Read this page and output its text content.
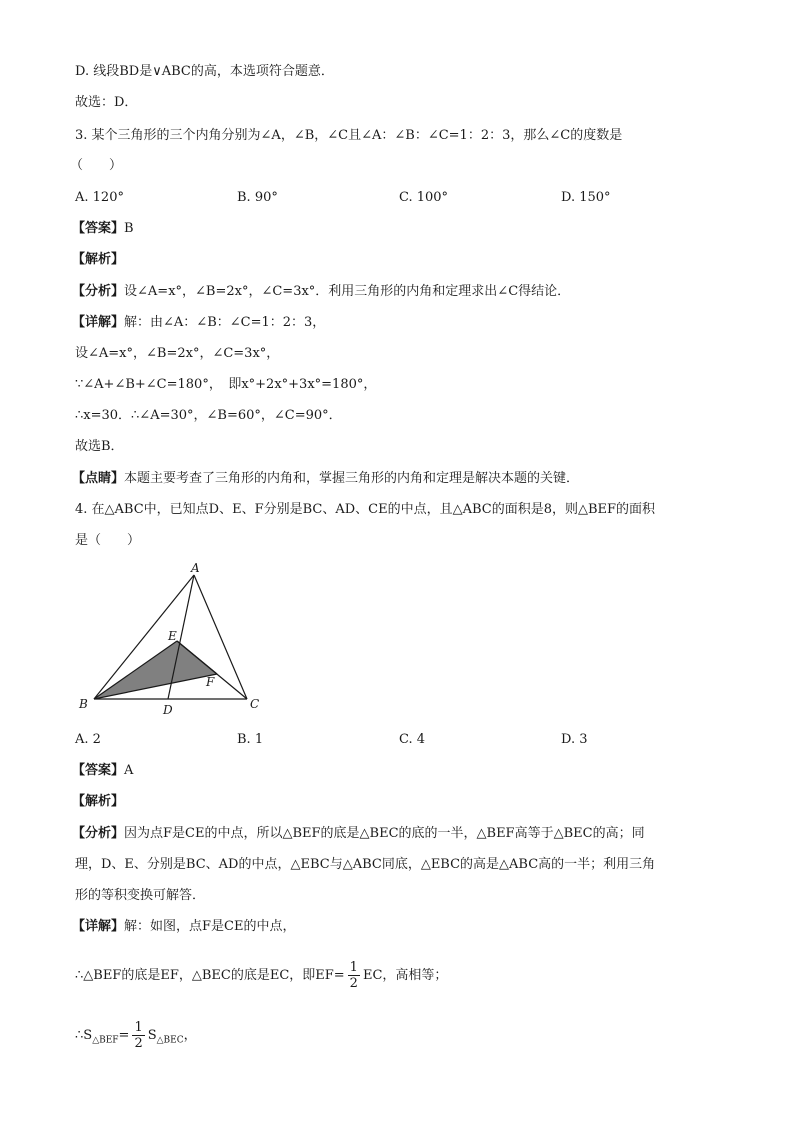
D. 线段BD是∨ABC的高，本选项符合题意．
故选：D．
3. 某个三角形的三个内角分别为∠A，∠B，∠C且∠A：∠B：∠C=1：2：3，那么∠C的度数是
（　　）
A. 120°	B. 90°	C. 100°	D. 150°
【答案】B
【解析】
【分析】设∠A=x°，∠B=2x°，∠C=3x°．利用三角形的内角和定理求出∠C得结论．
【详解】解：由∠A：∠B：∠C=1：2：3，
设∠A=x°，∠B=2x°，∠C=3x°，
∵∠A+∠B+∠C=180°，　即x°+2x°+3x°=180°，
∴x=30．∴∠A=30°，∠B=60°，∠C=90°．
故选B．
【点睛】本题主要考查了三角形的内角和，掌握三角形的内角和定理是解决本题的关键．
4. 在△ABC中，已知点D、E、F分别是BC、AD、CE的中点，且△ABC的面积是8，则△BEF的面积
是（　　）
A
B	C
D
E
F
A. 2	B. 1	C. 4	D. 3
【答案】A
【解析】
【分析】因为点F是CE的中点，所以△BEF的底是△BEC的底的一半，△BEF高等于△BEC的高；同
理，D、E、分别是BC、AD的中点，△EBC与△ABC同底，△EBC的高是△ABC高的一半；利用三角
形的等积变换可解答．
【详解】解：如图，点F是CE的中点，
∴△BEF的底是EF，△BEC的底是EC，即$EF= \frac{1}{2}$ EC，高相等；
$\therefore S_{\triangle BEF}= \frac{1}{2} S_{\triangle BEC}$，
